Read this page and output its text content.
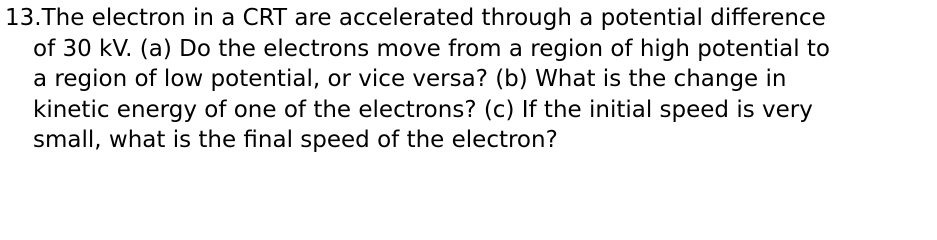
13.The electron in a CRT are accelerated through a potential difference
of 30 kV. (a) Do the electrons move from a region of high potential to
a region of low potential, or vice versa? (b) What is the change in
kinetic energy of one of the electrons? (c) If the initial speed is very
small, what is the final speed of the electron?
